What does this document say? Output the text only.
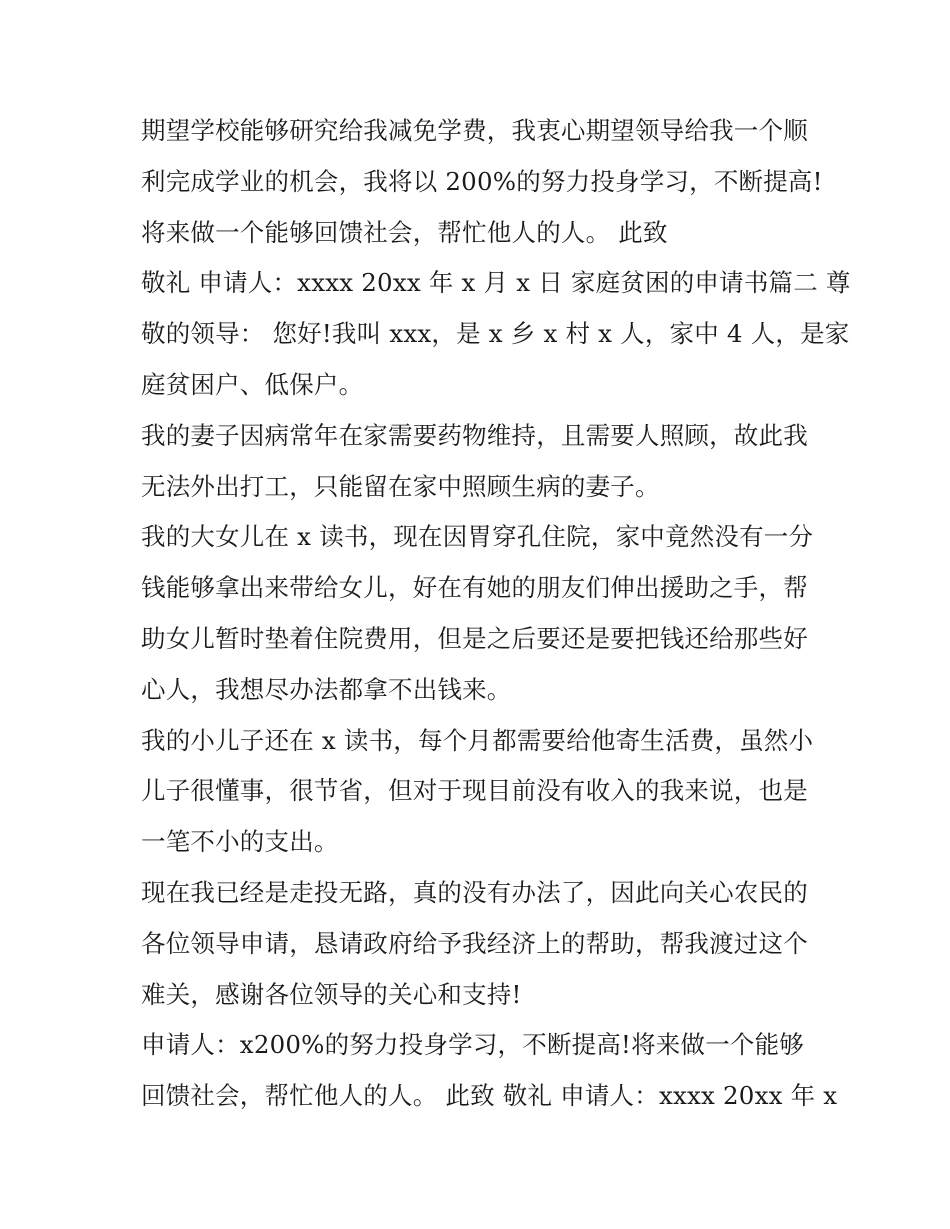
期望学校能够研究给我减免学费，我衷心期望领导给我一个顺
利完成学业的机会，我将以 200%的努力投身学习，不断提高!
将来做一个能够回馈社会，帮忙他人的人。 此致
敬礼 申请人：xxxx 20xx 年 x 月 x 日 家庭贫困的申请书篇二 尊
敬的领导： 您好!我叫 xxx，是 x 乡 x 村 x 人，家中 4 人，是家
庭贫困户、低保户。
我的妻子因病常年在家需要药物维持，且需要人照顾，故此我
无法外出打工，只能留在家中照顾生病的妻子。
我的大女儿在 x 读书，现在因胃穿孔住院，家中竟然没有一分
钱能够拿出来带给女儿，好在有她的朋友们伸出援助之手，帮
助女儿暂时垫着住院费用，但是之后要还是要把钱还给那些好
心人，我想尽办法都拿不出钱来。
我的小儿子还在 x 读书，每个月都需要给他寄生活费，虽然小
儿子很懂事，很节省，但对于现目前没有收入的我来说，也是
一笔不小的支出。
现在我已经是走投无路，真的没有办法了，因此向关心农民的
各位领导申请，恳请政府给予我经济上的帮助，帮我渡过这个
难关，感谢各位领导的关心和支持!
申请人：x200%的努力投身学习，不断提高!将来做一个能够
回馈社会，帮忙他人的人。 此致 敬礼 申请人：xxxx 20xx 年 x
